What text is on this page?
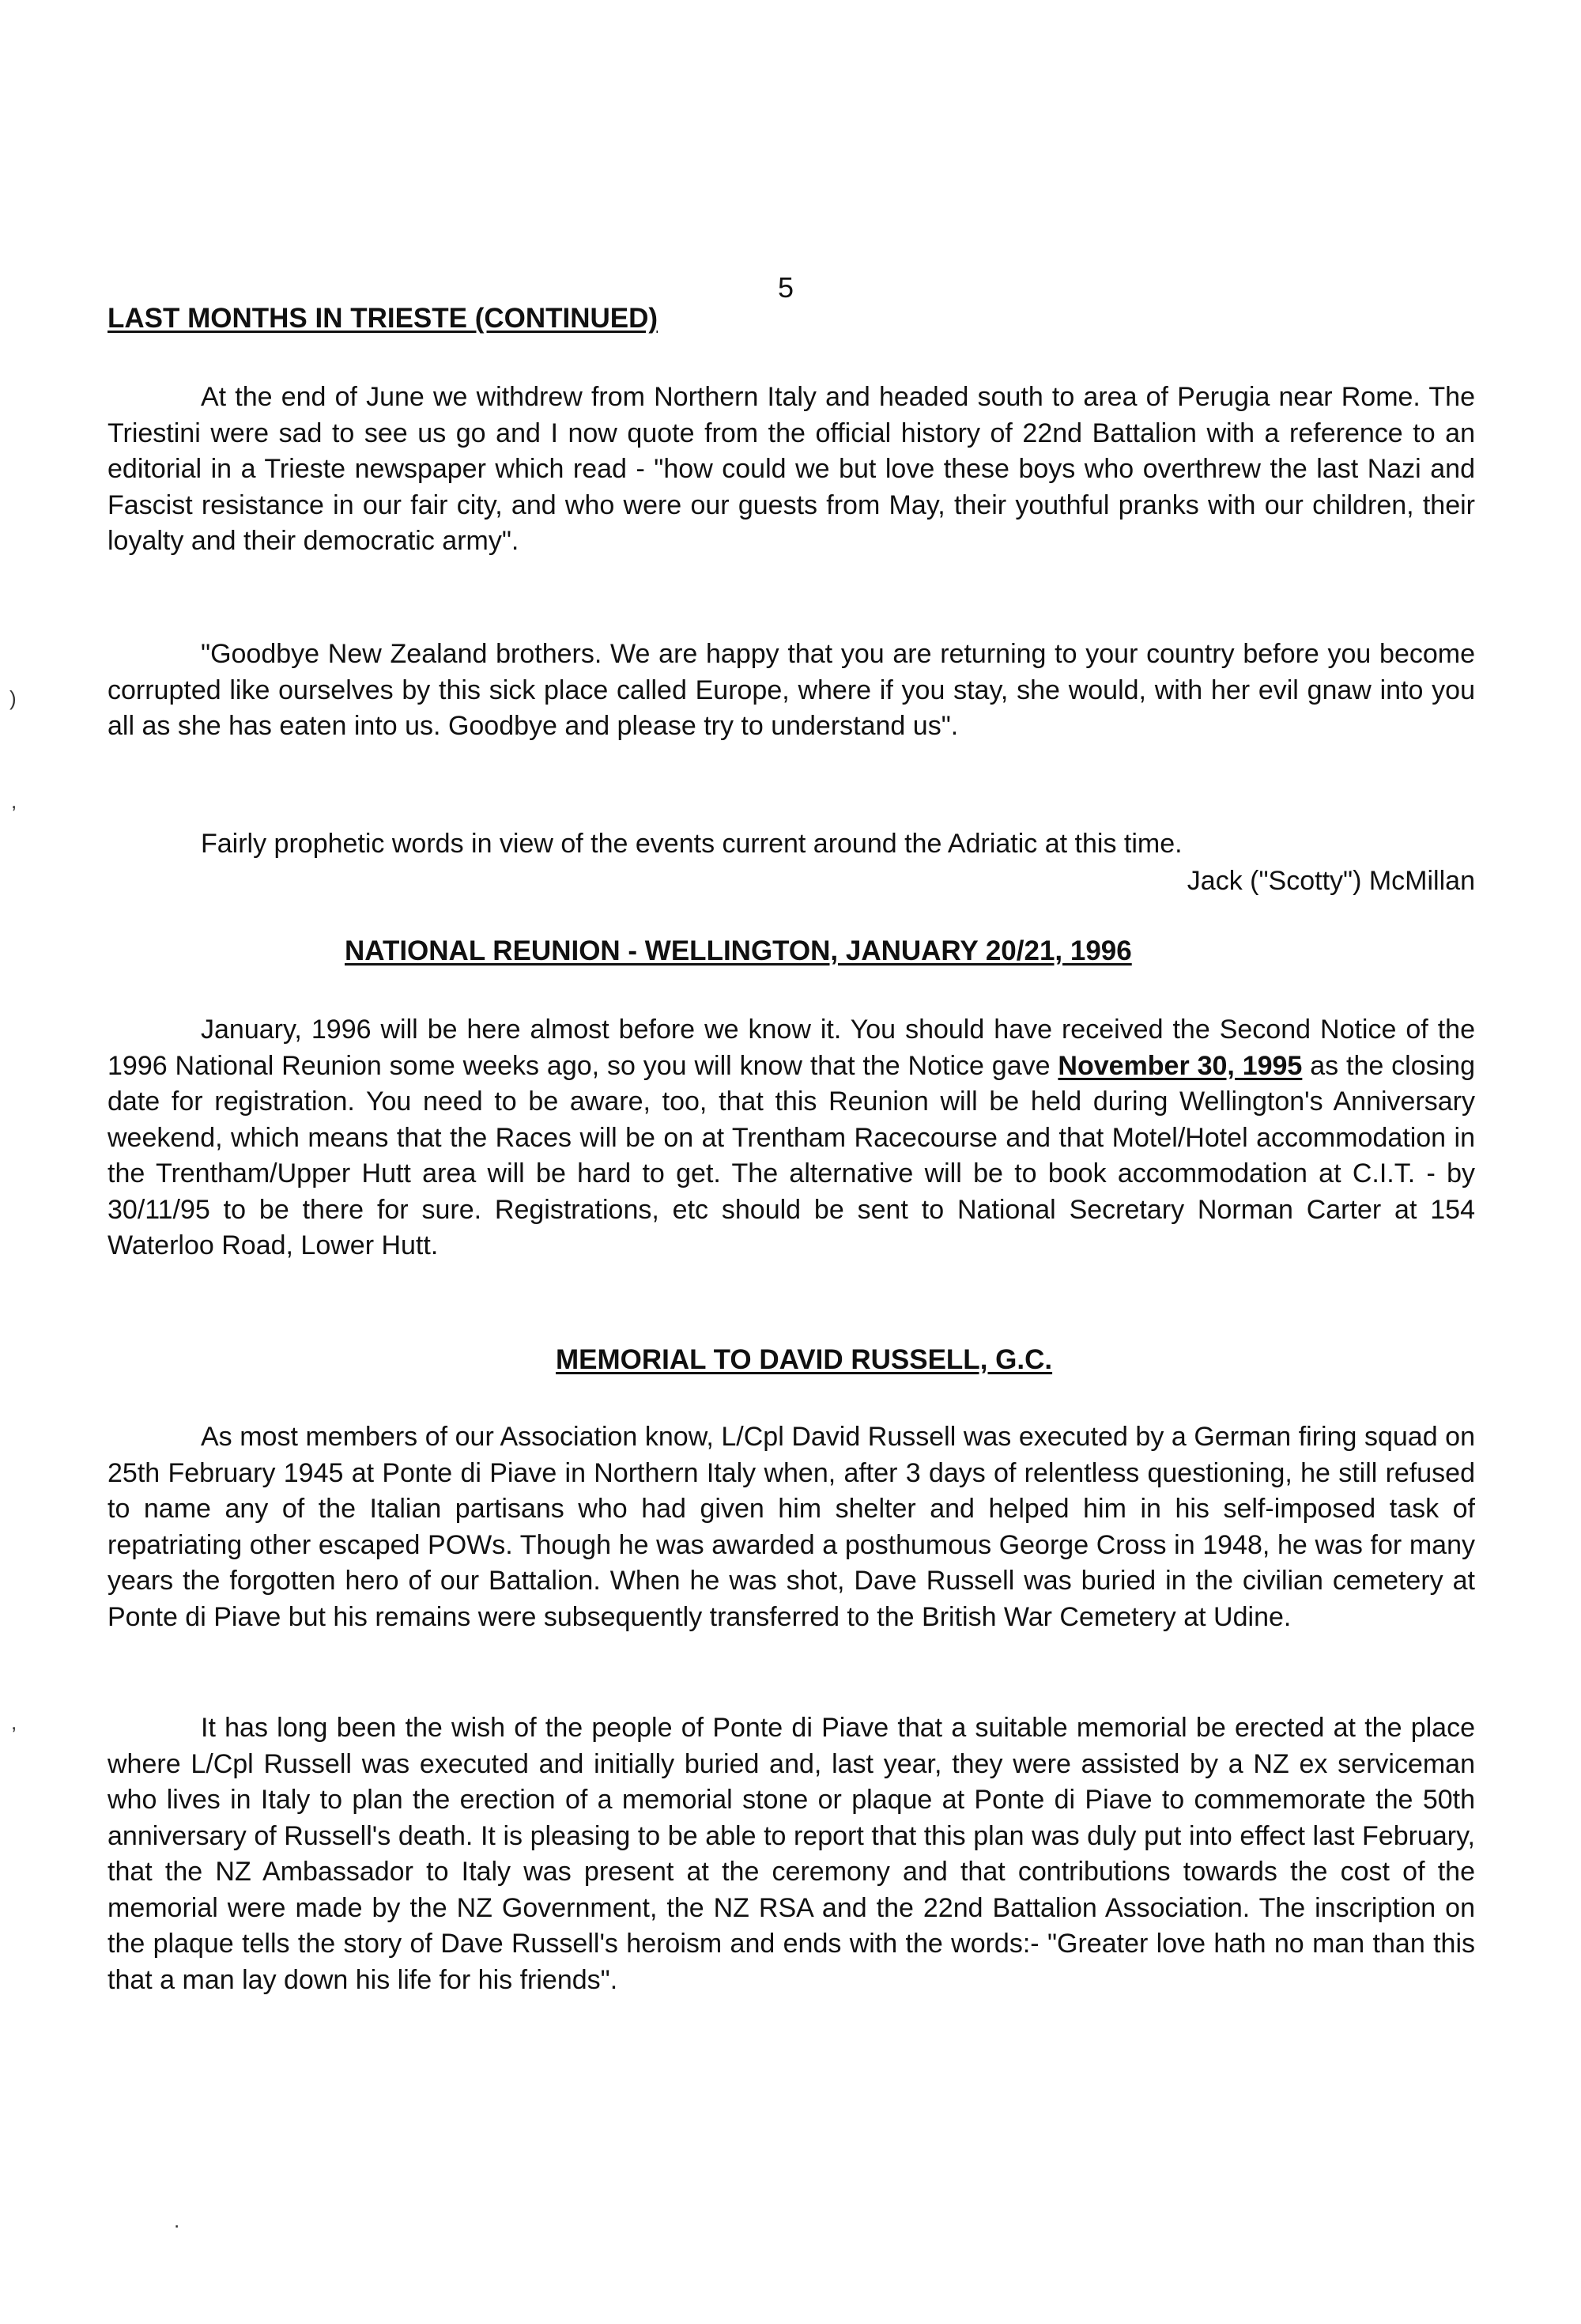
5
LAST MONTHS IN TRIESTE (CONTINUED)

At the end of June we withdrew from Northern Italy and headed south to area of Perugia near Rome. The Triestini were sad to see us go and I now quote from the official history of 22nd Battalion with a reference to an editorial in a Trieste newspaper which read - "how could we but love these boys who overthrew the last Nazi and Fascist resistance in our fair city, and who were our guests from May, their youthful pranks with our children, their loyalty and their democratic army".

"Goodbye New Zealand brothers. We are happy that you are returning to your country before you become corrupted like ourselves by this sick place called Europe, where if you stay, she would, with her evil gnaw into you all as she has eaten into us. Goodbye and please try to understand us".

Fairly prophetic words in view of the events current around the Adriatic at this time.

Jack ("Scotty") McMillan
NATIONAL REUNION - WELLINGTON, JANUARY 20/21, 1996

January, 1996 will be here almost before we know it. You should have received the Second Notice of the 1996 National Reunion some weeks ago, so you will know that the Notice gave November 30, 1995 as the closing date for registration. You need to be aware, too, that this Reunion will be held during Wellington's Anniversary weekend, which means that the Races will be on at Trentham Racecourse and that Motel/Hotel accommodation in the Trentham/Upper Hutt area will be hard to get. The alternative will be to book accommodation at C.I.T. - by 30/11/95 to be there for sure. Registrations, etc should be sent to National Secretary Norman Carter at 154 Waterloo Road, Lower Hutt.

MEMORIAL TO DAVID RUSSELL, G.C.

As most members of our Association know, L/Cpl David Russell was executed by a German firing squad on 25th February 1945 at Ponte di Piave in Northern Italy when, after 3 days of relentless questioning, he still refused to name any of the Italian partisans who had given him shelter and helped him in his self-imposed task of repatriating other escaped POWs. Though he was awarded a posthumous George Cross in 1948, he was for many years the forgotten hero of our Battalion. When he was shot, Dave Russell was buried in the civilian cemetery at Ponte di Piave but his remains were subsequently transferred to the British War Cemetery at Udine.

It has long been the wish of the people of Ponte di Piave that a suitable memorial be erected at the place where L/Cpl Russell was executed and initially buried and, last year, they were assisted by a NZ ex serviceman who lives in Italy to plan the erection of a memorial stone or plaque at Ponte di Piave to commemorate the 50th anniversary of Russell's death. It is pleasing to be able to report that this plan was duly put into effect last February, that the NZ Ambassador to Italy was present at the ceremony and that contributions towards the cost of the memorial were made by the NZ Government, the NZ RSA and the 22nd Battalion Association. The inscription on the plaque tells the story of Dave Russell's heroism and ends with the words:- "Greater love hath no man than this that a man lay down his life for his friends".

)
,
,
.
